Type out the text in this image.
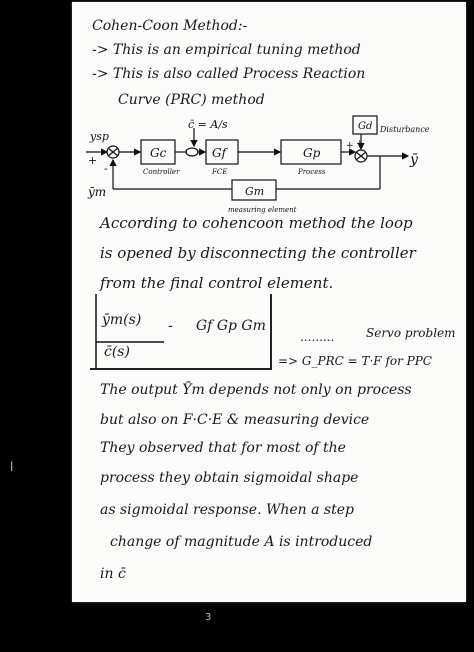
Cohen-Coon Method:-
-> This is an empirical tuning method
-> This is also called Process Reaction
Curve (PRC) method
ysp
+
-
Gc
Controller
Gf
FCE
Gp
Process
Gd Disturbance
Gm
measuring element
c̄ = A/s
ȳ
ȳm
+ +
According to cohencoon method the loop
is opened by disconnecting the controller
from the final control element.
ȳm(s) - Gf Gp Gm
c̄(s)
.........	Servo problem
=> G_PRC = T·F for PPC
The output Ȳm depends not only on process
but also on F·C·E & measuring device
They observed that for most of the
process they obtain sigmoidal shape
as sigmoidal response. When a step
change of magnitude A is introduced
in c̄
3
l
